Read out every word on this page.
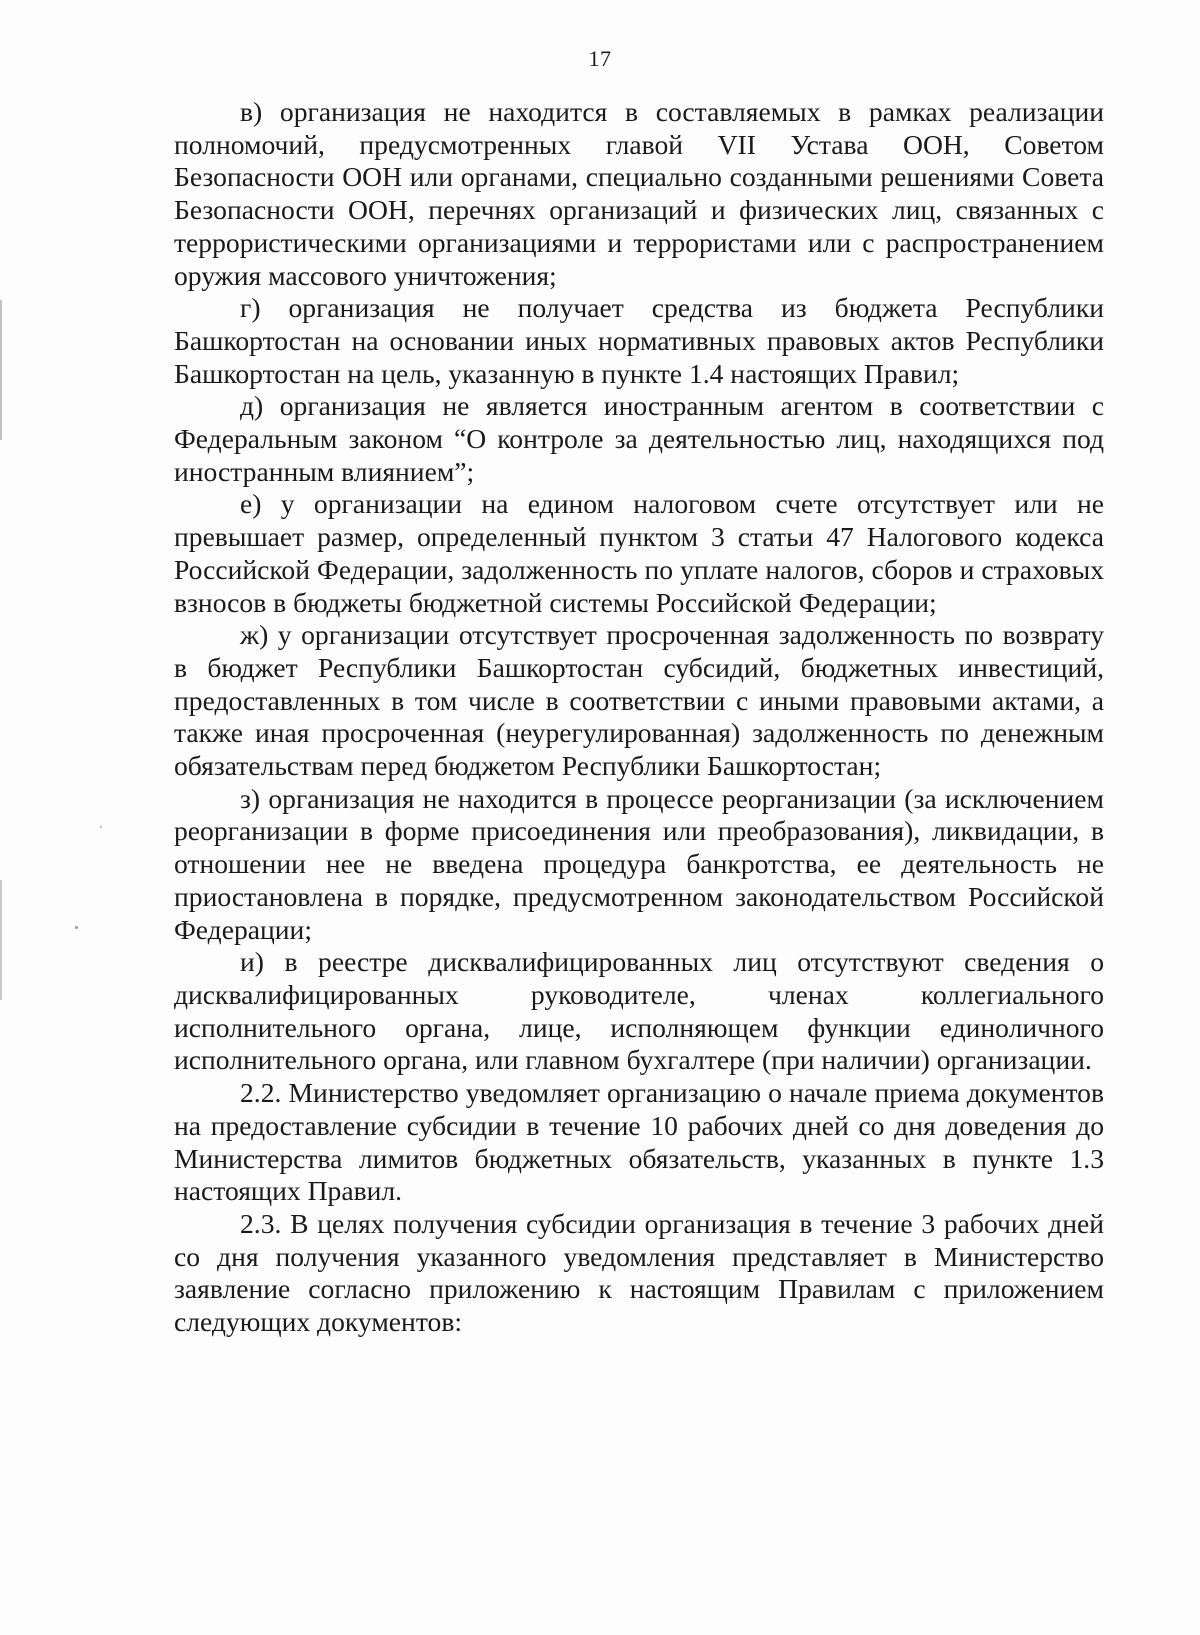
17

в) организация не находится в составляемых в рамках реализации полномочий, предусмотренных главой VII Устава ООН, Советом Безопасности ООН или органами, специально созданными решениями Совета Безопасности ООН, перечнях организаций и физических лиц, связанных с террористическими организациями и террористами или с распространением оружия массового уничтожения;

г) организация не получает средства из бюджета Республики Башкортостан на основании иных нормативных правовых актов Республики Башкортостан на цель, указанную в пункте 1.4 настоящих Правил;

д) организация не является иностранным агентом в соответствии с Федеральным законом “О контроле за деятельностью лиц, находящихся под иностранным влиянием”;

е) у организации на едином налоговом счете отсутствует или не превышает размер, определенный пунктом 3 статьи 47 Налогового кодекса Российской Федерации, задолженность по уплате налогов, сборов и страховых взносов в бюджеты бюджетной системы Российской Федерации;

ж) у организации отсутствует просроченная задолженность по возврату в бюджет Республики Башкортостан субсидий, бюджетных инвестиций, предоставленных в том числе в соответствии с иными правовыми актами, а также иная просроченная (неурегулированная) задолженность по денежным обязательствам перед бюджетом Республики Башкортостан;

з) организация не находится в процессе реорганизации (за исключением реорганизации в форме присоединения или преобразования), ликвидации, в отношении нее не введена процедура банкротства, ее деятельность не приостановлена в порядке, предусмотренном законодательством Российской Федерации;

и) в реестре дисквалифицированных лиц отсутствуют сведения о дисквалифицированных руководителе, членах коллегиального исполнительного органа, лице, исполняющем функции единоличного исполнительного органа, или главном бухгалтере (при наличии) организации.

2.2. Министерство уведомляет организацию о начале приема документов на предоставление субсидии в течение 10 рабочих дней со дня доведения до Министерства лимитов бюджетных обязательств, указанных в пункте 1.3 настоящих Правил.

2.3. В целях получения субсидии организация в течение 3 рабочих дней со дня получения указанного уведомления представляет в Министерство заявление согласно приложению к настоящим Правилам с приложением следующих документов:
